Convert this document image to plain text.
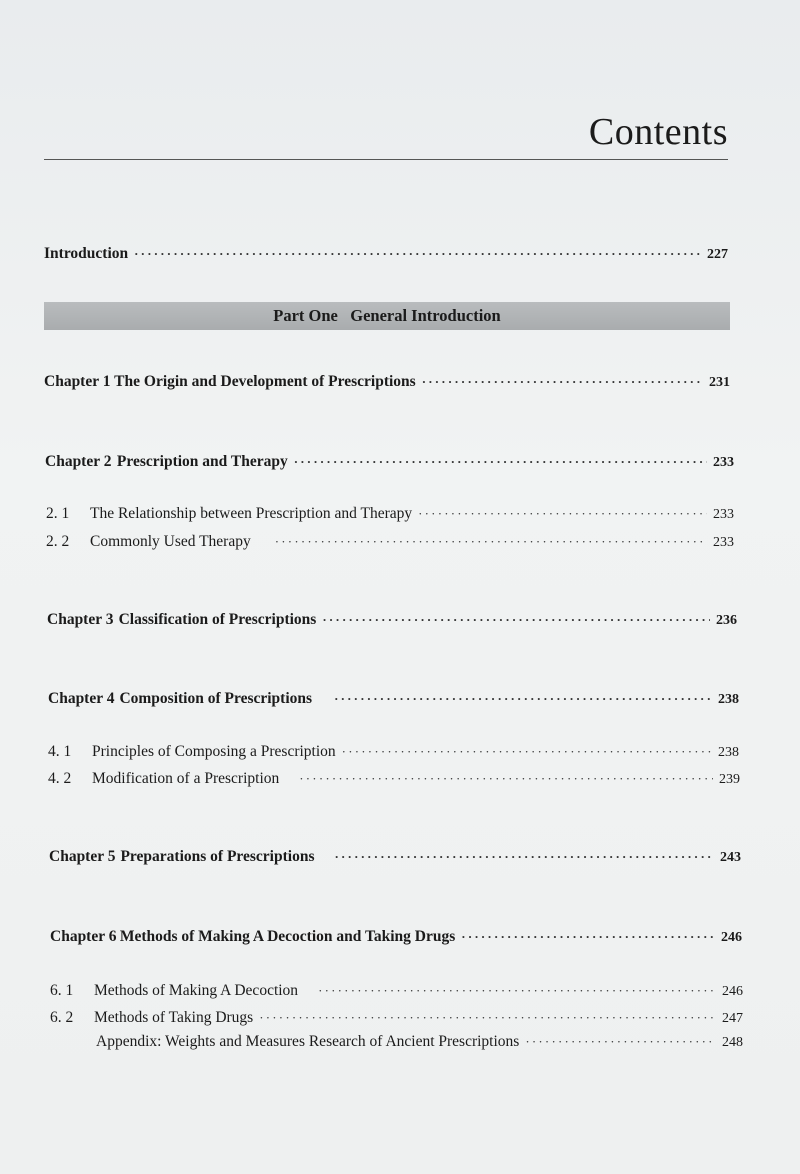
Contents
Introduction ·····	227
Part One   General Introduction
Chapter 1 The Origin and Development of Prescriptions ·····	231
Chapter 2 Prescription and Therapy ·····	233
2. 1	The Relationship between Prescription and Therapy ·····	233
2. 2	Commonly Used Therapy ·····	233
Chapter 3 Classification of Prescriptions ·····	236
Chapter 4 Composition of Prescriptions ·····	238
4. 1	Principles of Composing a Prescription ·····	238
4. 2	Modification of a Prescription ·····	239
Chapter 5 Preparations of Prescriptions ·····	243
Chapter 6 Methods of Making A Decoction and Taking Drugs ·····	246
6. 1	Methods of Making A Decoction ·····	246
6. 2	Methods of Taking Drugs ·····	247
Appendix: Weights and Measures Research of Ancient Prescriptions ·····	248
